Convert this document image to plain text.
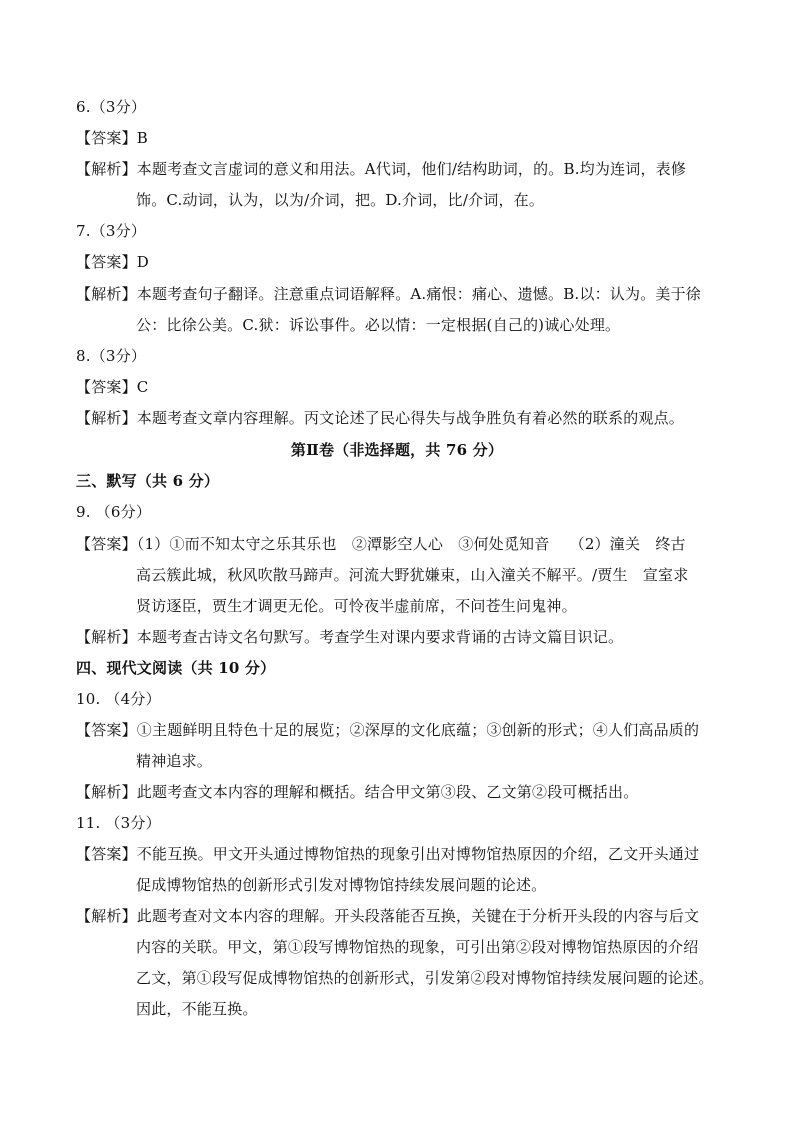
6.（3分）
【答案】B
【解析】本题考查文言虚词的意义和用法。A代词，他们/结构助词，的。B.均为连词，表修
饰。C.动词，认为，以为/介词，把。D.介词，比/介词，在。
7.（3分）
【答案】D
【解析】本题考查句子翻译。注意重点词语解释。A.痛恨：痛心、遗憾。B.以：认为。美于徐
公：比徐公美。C.狱：诉讼事件。必以情：一定根据(自己的)诚心处理。
8.（3分）
【答案】C
【解析】本题考查文章内容理解。丙文论述了民心得失与战争胜负有着必然的联系的观点。
第Ⅱ卷（非选择题，共 76 分）
三、默写（共 6 分）
9. （6分）
【答案】（1）①而不知太守之乐其乐也　②潭影空人心　③何处觅知音　 （2）潼关　终古
高云簇此城，秋风吹散马蹄声。河流大野犹嫌束，山入潼关不解平。/贾生　宣室求
贤访逐臣，贾生才调更无伦。可怜夜半虚前席，不问苍生问鬼神。
【解析】本题考查古诗文名句默写。考查学生对课内要求背诵的古诗文篇目识记。
四、现代文阅读（共 10 分）
10. （4分）
【答案】①主题鲜明且特色十足的展览；②深厚的文化底蕴；③创新的形式；④人们高品质的
精神追求。
【解析】此题考查文本内容的理解和概括。结合甲文第③段、乙文第②段可概括出。
11. （3分）
【答案】不能互换。甲文开头通过博物馆热的现象引出对博物馆热原因的介绍，乙文开头通过
促成博物馆热的创新形式引发对博物馆持续发展问题的论述。
【解析】此题考查对文本内容的理解。开头段落能否互换，关键在于分析开头段的内容与后文
内容的关联。甲文，第①段写博物馆热的现象，可引出第②段对博物馆热原因的介绍
乙文，第①段写促成博物馆热的创新形式，引发第②段对博物馆持续发展问题的论述。
因此，不能互换。
